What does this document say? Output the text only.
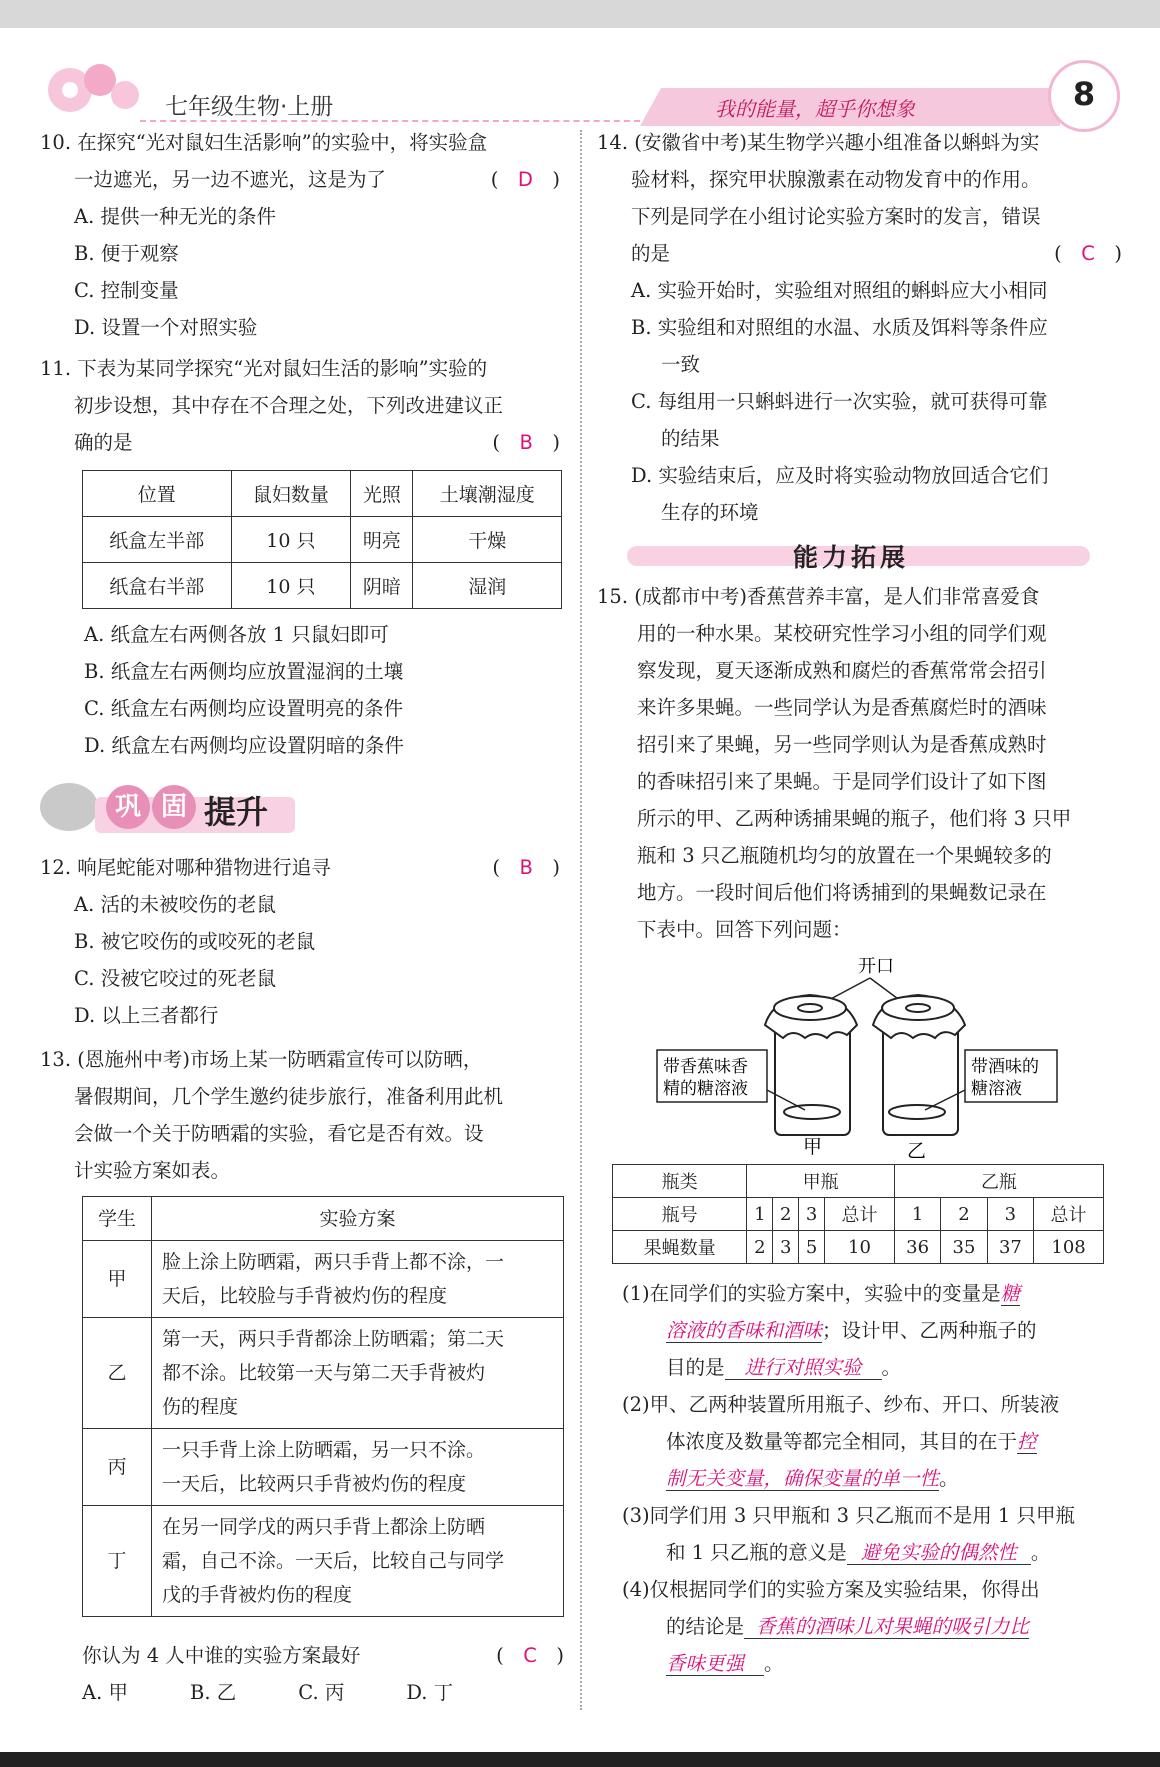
七年级生物·上册	我的能量，超乎你想象	8

10. 在探究“光对鼠妇生活影响”的实验中，将实验盒

一边遮光，另一边不遮光，这是为了	(　D　)

A. 提供一种无光的条件

B. 便于观察

C. 控制变量

D. 设置一个对照实验

11. 下表为某同学探究“光对鼠妇生活的影响”实验的

初步设想，其中存在不合理之处，下列改进建议正

确的是	(　B　)

位置	鼠妇数量	光照	土壤潮湿度
纸盒左半部	10 只	明亮	干燥
纸盒右半部	10 只	阴暗	湿润

A. 纸盒左右两侧各放 1 只鼠妇即可

B. 纸盒左右两侧均应放置湿润的土壤

C. 纸盒左右两侧均应设置明亮的条件

D. 纸盒左右两侧均应设置阴暗的条件

巩 固 提升

12. 响尾蛇能对哪种猎物进行追寻	(　B　)

A. 活的未被咬伤的老鼠

B. 被它咬伤的或咬死的老鼠

C. 没被它咬过的死老鼠

D. 以上三者都行

13. (恩施州中考)市场上某一防晒霜宣传可以防晒，

暑假期间，几个学生邀约徒步旅行，准备利用此机

会做一个关于防晒霜的实验，看它是否有效。设

计实验方案如表。

学生	实验方案
甲	脸上涂上防晒霜，两只手背上都不涂，一
天后，比较脸与手背被灼伤的程度

乙	第一天，两只手背都涂上防晒霜；第二天
都不涂。比较第一天与第二天手背被灼
伤的程度

丙	一只手背上涂上防晒霜，另一只不涂。
一天后，比较两只手背被灼伤的程度

丁	在另一同学戊的两只手背上都涂上防晒
霜，自己不涂。一天后，比较自己与同学
戊的手背被灼伤的程度

你认为 4 人中谁的实验方案最好	(　C　)

A. 甲	B. 乙	C. 丙	D. 丁

14. (安徽省中考)某生物学兴趣小组准备以蝌蚪为实

验材料，探究甲状腺激素在动物发育中的作用。

下列是同学在小组讨论实验方案时的发言，错误

的是	(　C　)

A. 实验开始时，实验组对照组的蝌蚪应大小相同

B. 实验组和对照组的水温、水质及饵料等条件应

一致

C. 每组用一只蝌蚪进行一次实验，就可获得可靠

的结果

D. 实验结束后，应及时将实验动物放回适合它们

生存的环境

能力拓展

15. (成都市中考)香蕉营养丰富，是人们非常喜爱食

用的一种水果。某校研究性学习小组的同学们观

察发现，夏天逐渐成熟和腐烂的香蕉常常会招引

来许多果蝇。一些同学认为是香蕉腐烂时的酒味

招引来了果蝇，另一些同学则认为是香蕉成熟时

的香味招引来了果蝇。于是同学们设计了如下图

所示的甲、乙两种诱捕果蝇的瓶子，他们将 3 只甲

瓶和 3 只乙瓶随机均匀的放置在一个果蝇较多的

地方。一段时间后他们将诱捕到的果蝇数记录在

下表中。回答下列问题：

开口
带香蕉味香
精的糖溶液
带酒味的
糖溶液
甲	乙
瓶类	甲瓶				乙瓶			
瓶号	1	2	3	总计	1	2	3	总计
果蝇数量	2	3	5	10	36	35	37	108

(1)在同学们的实验方案中，实验中的变量是糖

溶液的香味和酒味；设计甲、乙两种瓶子的

目的是 进行对照实验 。

(2)甲、乙两种装置所用瓶子、纱布、开口、所装液

体浓度及数量等都完全相同，其目的在于控

制无关变量，确保变量的单一性。

(3)同学们用 3 只甲瓶和 3 只乙瓶而不是用 1 只甲瓶

和 1 只乙瓶的意义是 避免实验的偶然性 。

(4)仅根据同学们的实验方案及实验结果，你得出

的结论是 香蕉的酒味儿对果蝇的吸引力比

香味更强 。
